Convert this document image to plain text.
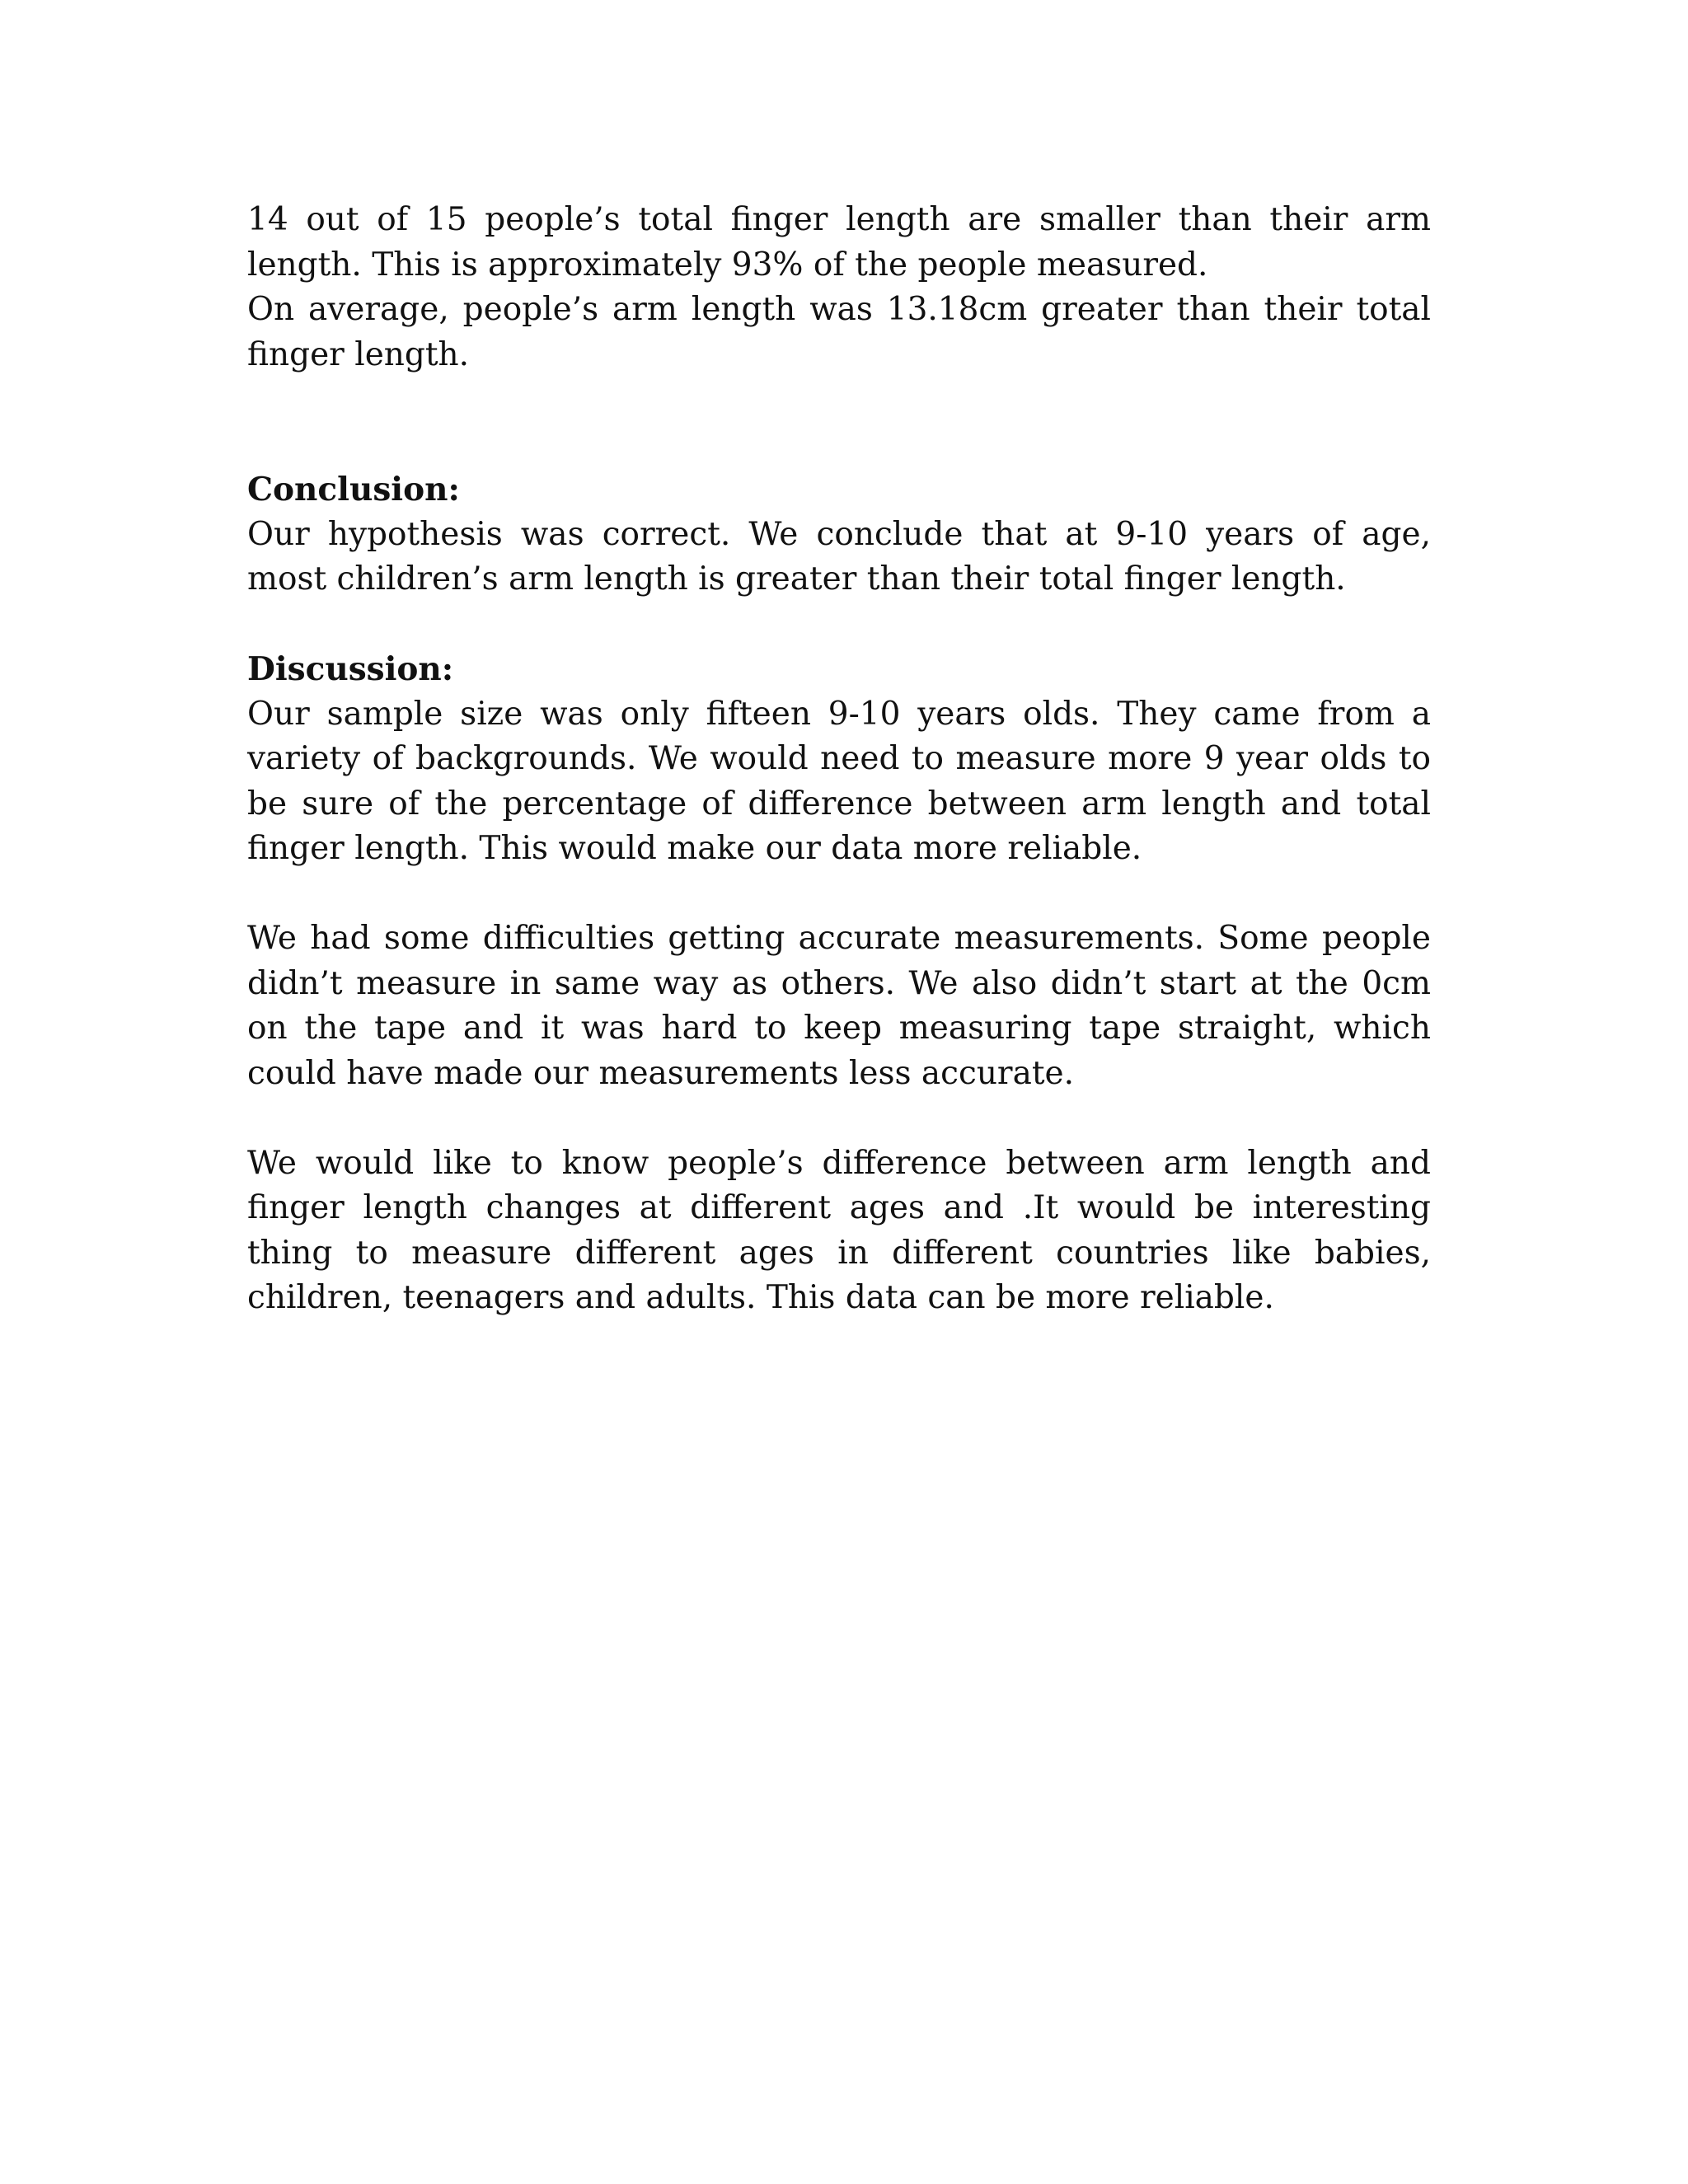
14 out of 15 people’s total finger length are smaller than their arm length. This is approximately 93% of the people measured.

On average, people’s arm length was 13.18cm greater than their total finger length.

Conclusion:

Our hypothesis was correct. We conclude that at 9-10 years of age, most children’s arm length is greater than their total finger length.

Discussion:

Our sample size was only fifteen 9-10 years olds. They came from a variety of backgrounds. We would need to measure more 9 year olds to be sure of the percentage of difference between arm length and total finger length. This would make our data more reliable.

We had some difficulties getting accurate measurements. Some people didn’t measure in same way as others. We also didn’t start at the 0cm on the tape and it was hard to keep measuring tape straight, which could have made our measurements less accurate.

We would like to know people’s difference between arm length and finger length changes at different ages and .It would be interesting thing to measure different ages in different countries like babies, children, teenagers and adults. This data can be more reliable.
